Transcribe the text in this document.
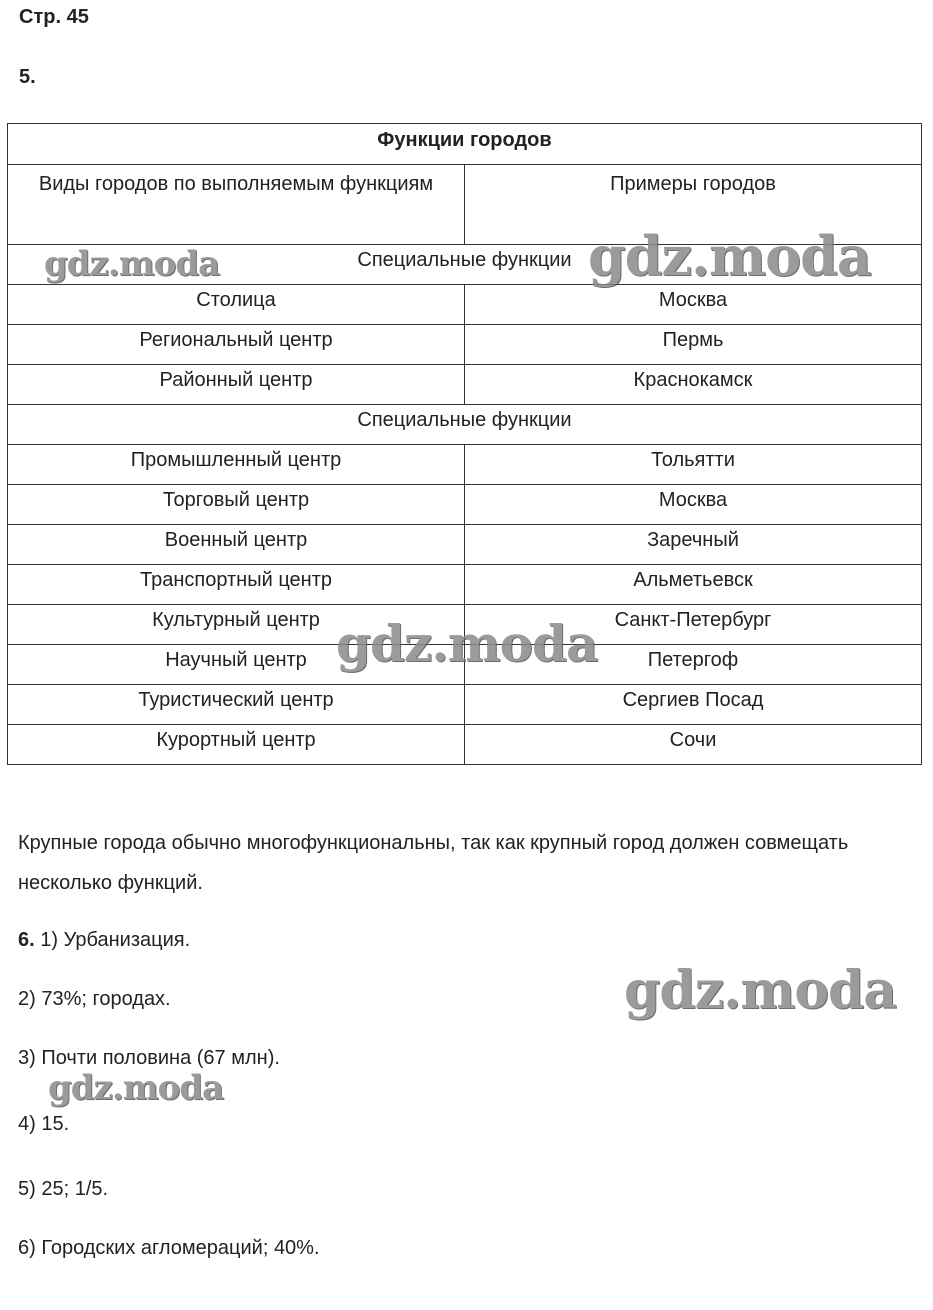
Стр. 45

5.

Функции городов	
Виды городов по выполняемым функциям	Примеры городов
Специальные функции	
Столица	Москва
Региональный центр	Пермь
Районный центр	Краснокамск
Специальные функции	
Промышленный центр	Тольятти
Торговый центр	Москва
Военный центр	Заречный
Транспортный центр	Альметьевск
Культурный центр	Санкт-Петербург
Научный центр	Петергоф
Туристический центр	Сергиев Посад
Курортный центр	Сочи

Крупные города обычно многофункциональны, так как крупный город должен совмещать несколько функций.

6. 1) Урбанизация.

2) 73%; городах.

3) Почти половина (67 млн).

4) 15.

5) 25; 1/5.

6) Городских агломераций; 40%.

gdz.moda	gdz.moda
gdz.moda
gdz.moda
gdz.moda
